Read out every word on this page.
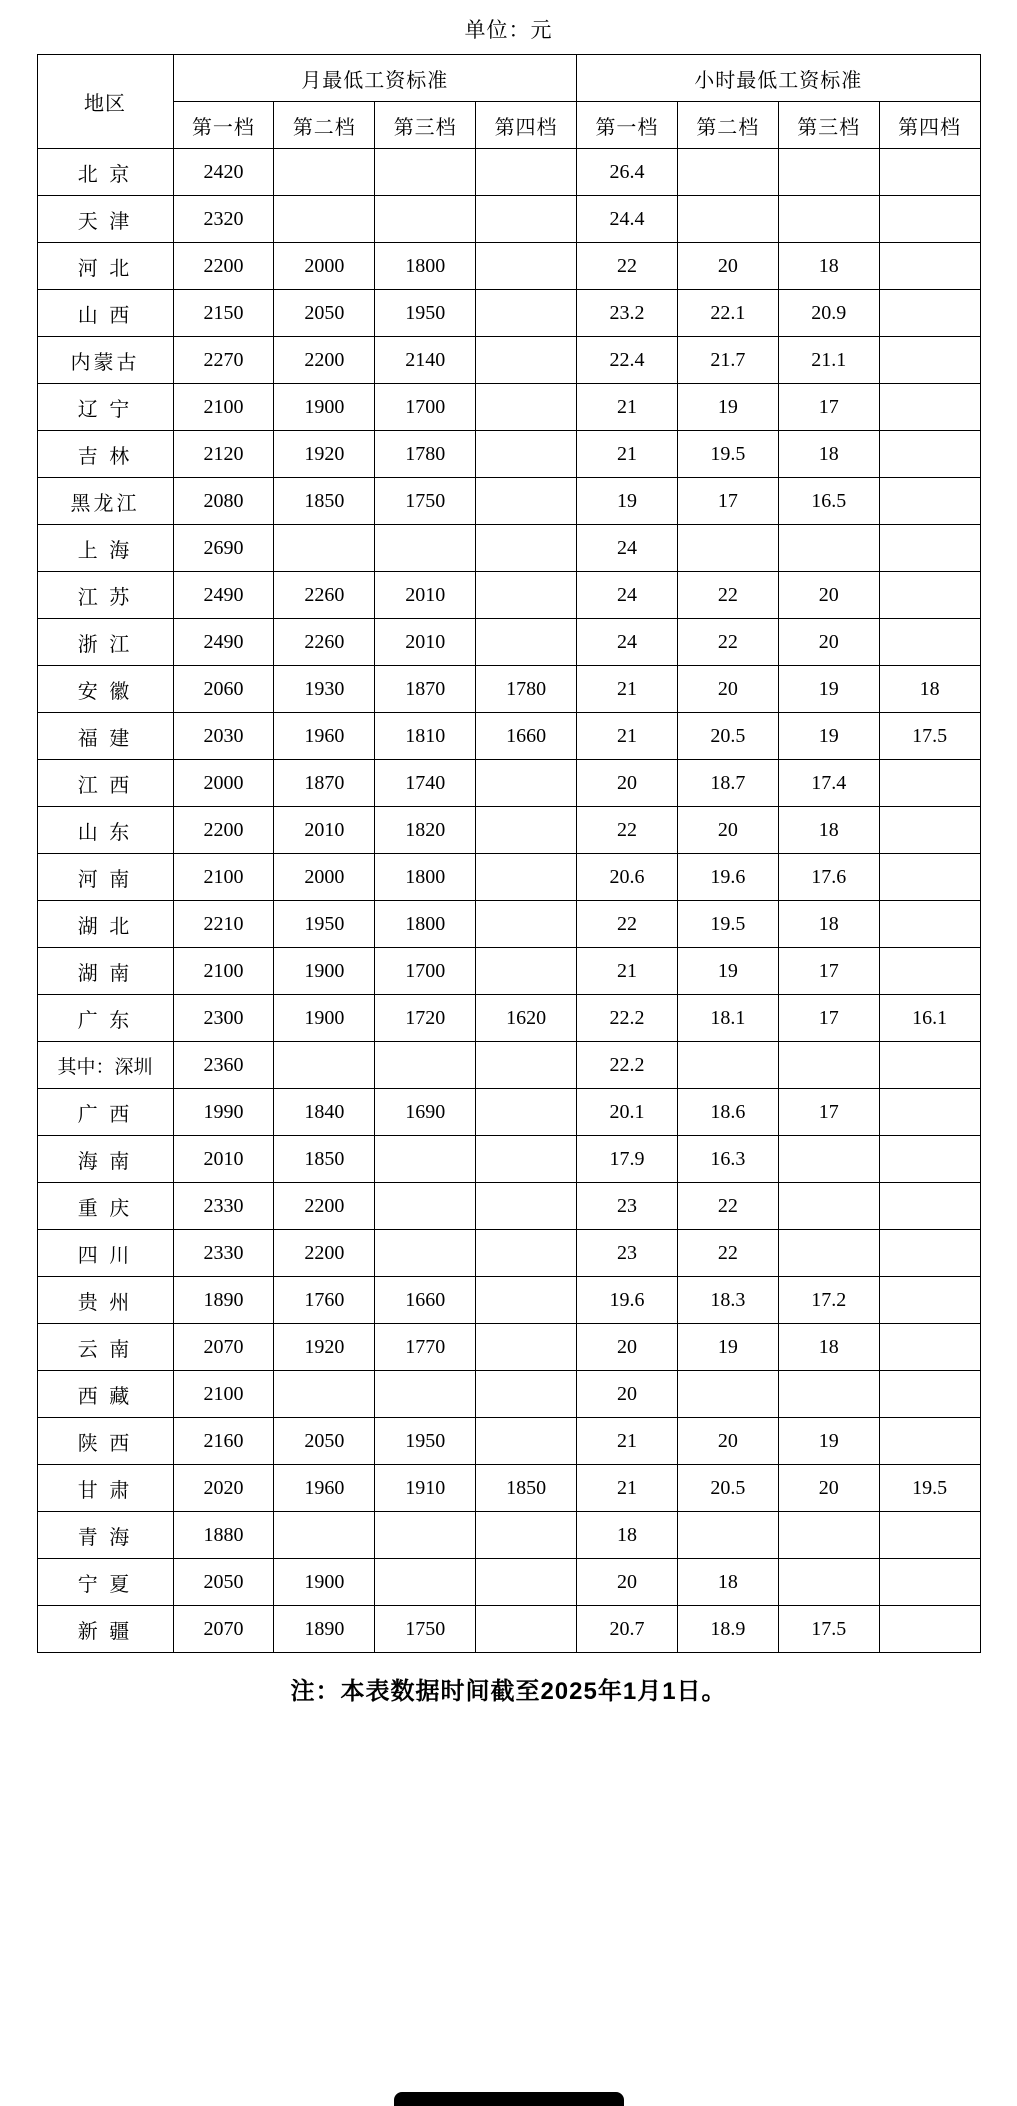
单位：元
地区	月最低工资标准				小时最低工资标准			
	第一档	第二档	第三档	第四档	第一档	第二档	第三档	第四档
北 京	2420				26.4			
天 津	2320				24.4			
河 北	2200	2000	1800		22	20	18	
山 西	2150	2050	1950		23.2	22.1	20.9	
内蒙古	2270	2200	2140		22.4	21.7	21.1	
辽 宁	2100	1900	1700		21	19	17	
吉 林	2120	1920	1780		21	19.5	18	
黑龙江	2080	1850	1750		19	17	16.5	
上 海	2690				24			
江 苏	2490	2260	2010		24	22	20	
浙 江	2490	2260	2010		24	22	20	
安 徽	2060	1930	1870	1780	21	20	19	18
福 建	2030	1960	1810	1660	21	20.5	19	17.5
江 西	2000	1870	1740		20	18.7	17.4	
山 东	2200	2010	1820		22	20	18	
河 南	2100	2000	1800		20.6	19.6	17.6	
湖 北	2210	1950	1800		22	19.5	18	
湖 南	2100	1900	1700		21	19	17	
广 东	2300	1900	1720	1620	22.2	18.1	17	16.1
其中：深圳	2360				22.2			
广 西	1990	1840	1690		20.1	18.6	17	
海 南	2010	1850			17.9	16.3		
重 庆	2330	2200			23	22		
四 川	2330	2200			23	22		
贵 州	1890	1760	1660		19.6	18.3	17.2	
云 南	2070	1920	1770		20	19	18	
西 藏	2100				20			
陕 西	2160	2050	1950		21	20	19	
甘 肃	2020	1960	1910	1850	21	20.5	20	19.5
青 海	1880				18			
宁 夏	2050	1900			20	18		
新 疆	2070	1890	1750		20.7	18.9	17.5	
注：本表数据时间截至2025年1月1日。
